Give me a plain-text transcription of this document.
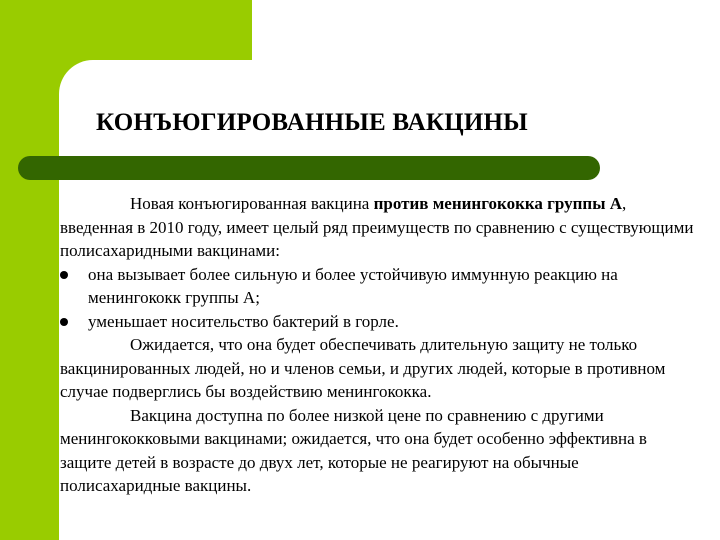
КОНЪЮГИРОВАННЫЕ ВАКЦИНЫ

Новая конъюгированная вакцина против менингококка группы А, введенная в 2010 году, имеет целый ряд преимуществ по сравнению с существующими полисахаридными вакцинами:

она вызывает более сильную и более устойчивую иммунную реакцию на менингококк группы А;
уменьшает носительство бактерий в горле.

Ожидается, что она будет обеспечивать длительную защиту не только вакцинированных людей, но и членов семьи, и других людей, которые в противном случае подверглись бы воздействию менингококка.

Вакцина доступна по более низкой цене по сравнению с другими менингококковыми вакцинами; ожидается, что она будет особенно эффективна в защите детей в возрасте до двух лет, которые не реагируют на обычные полисахаридные вакцины.
